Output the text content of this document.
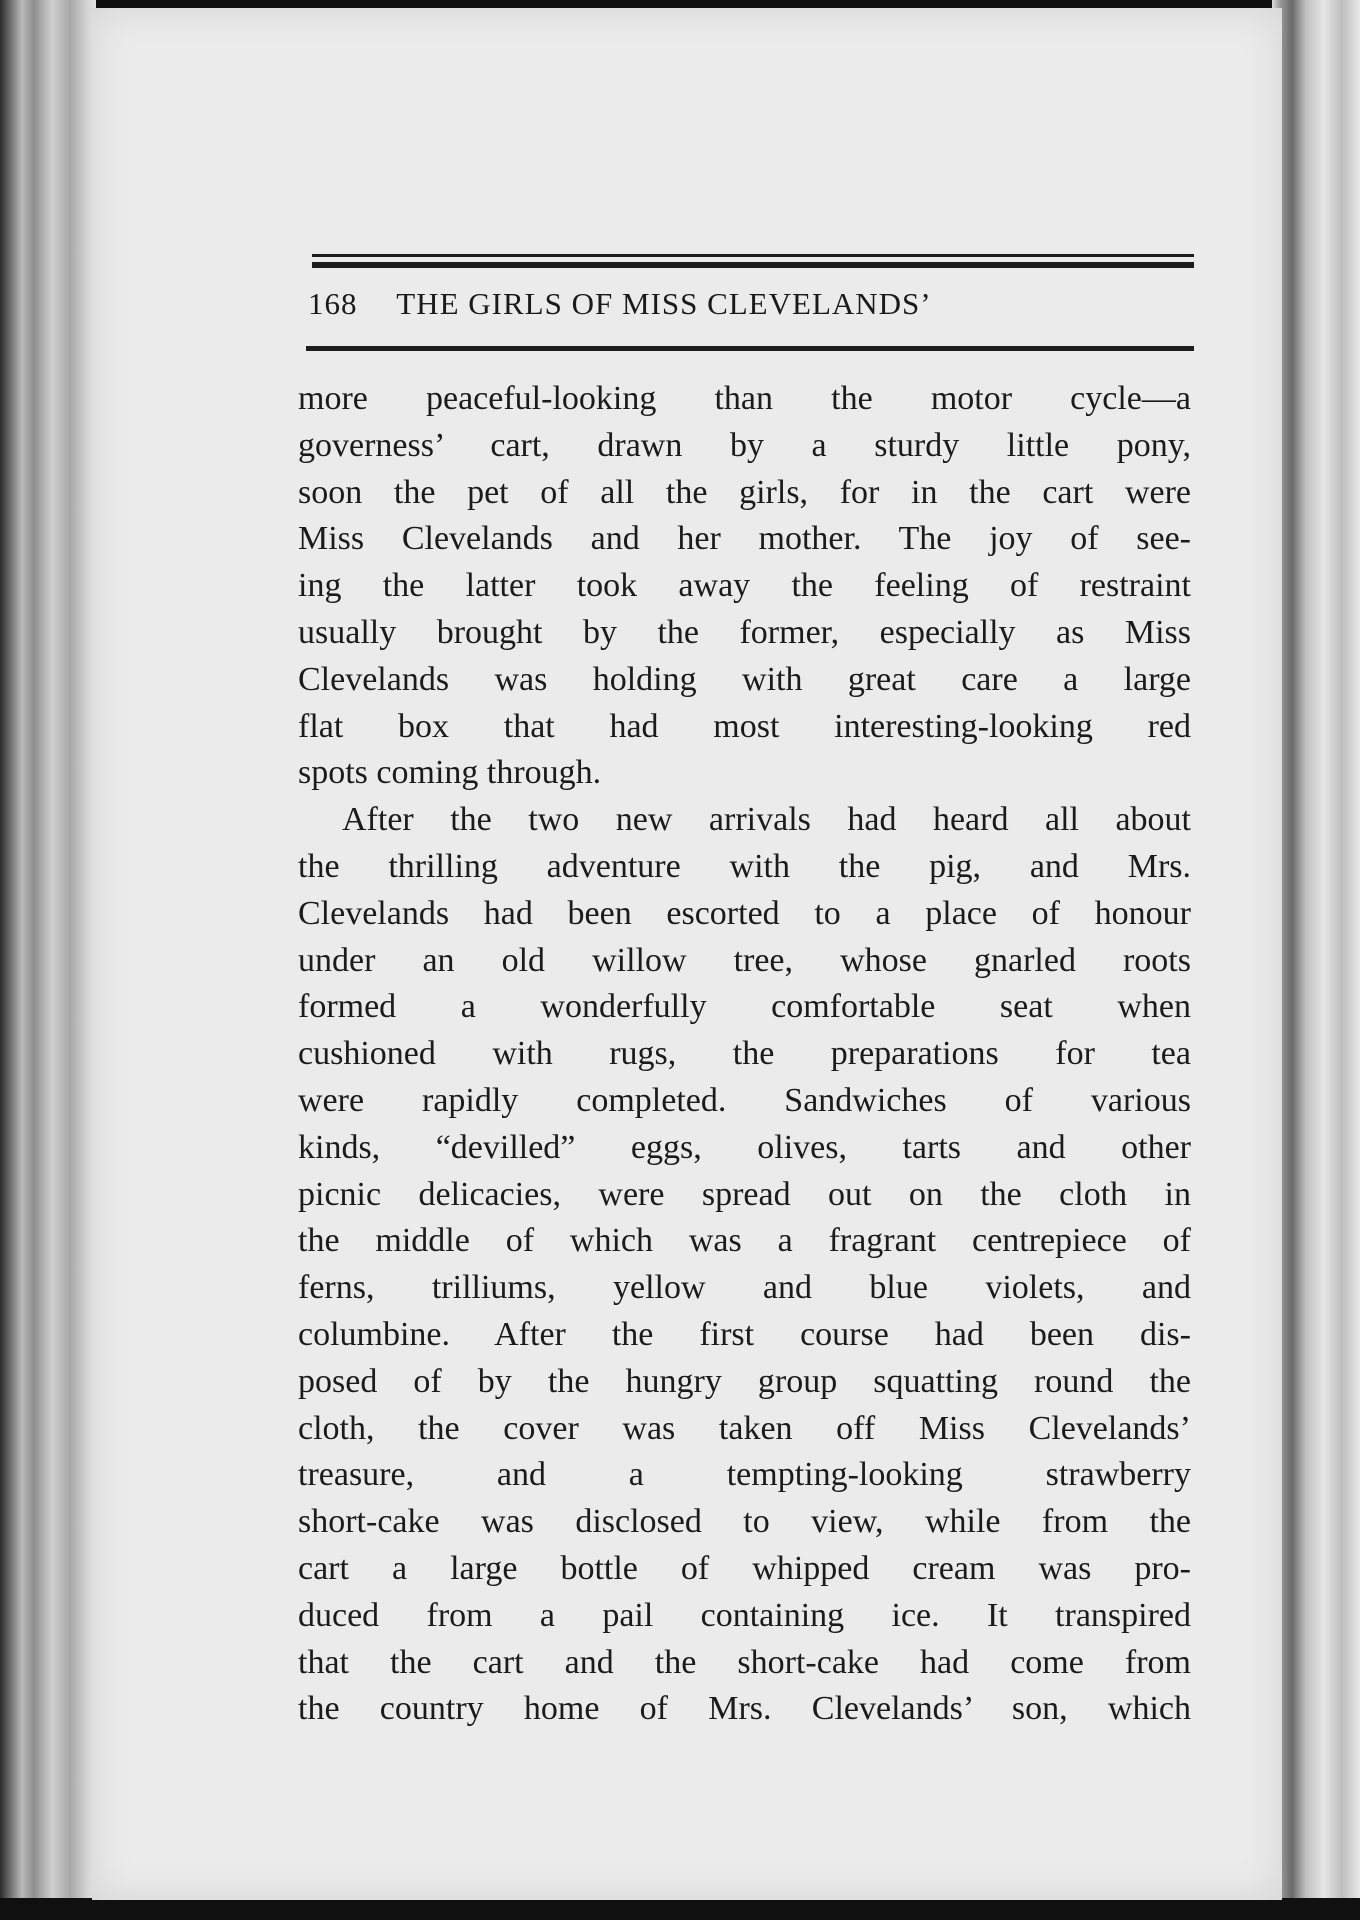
168 THE GIRLS OF MISS CLEVELANDS’
more peaceful-looking than the motor cycle—a
governess’ cart, drawn by a sturdy little pony,
soon the pet of all the girls, for in the cart were
Miss Clevelands and her mother. The joy of see-
ing the latter took away the feeling of restraint
usually brought by the former, especially as Miss
Clevelands was holding with great care a large
flat box that had most interesting-looking red
spots coming through.
After the two new arrivals had heard all about
the thrilling adventure with the pig, and Mrs.
Clevelands had been escorted to a place of honour
under an old willow tree, whose gnarled roots
formed a wonderfully comfortable seat when
cushioned with rugs, the preparations for tea
were rapidly completed. Sandwiches of various
kinds, “devilled” eggs, olives, tarts and other
picnic delicacies, were spread out on the cloth in
the middle of which was a fragrant centrepiece of
ferns, trilliums, yellow and blue violets, and
columbine. After the first course had been dis-
posed of by the hungry group squatting round the
cloth, the cover was taken off Miss Clevelands’
treasure, and a tempting-looking strawberry
short-cake was disclosed to view, while from the
cart a large bottle of whipped cream was pro-
duced from a pail containing ice. It transpired
that the cart and the short-cake had come from
the country home of Mrs. Clevelands’ son, which
